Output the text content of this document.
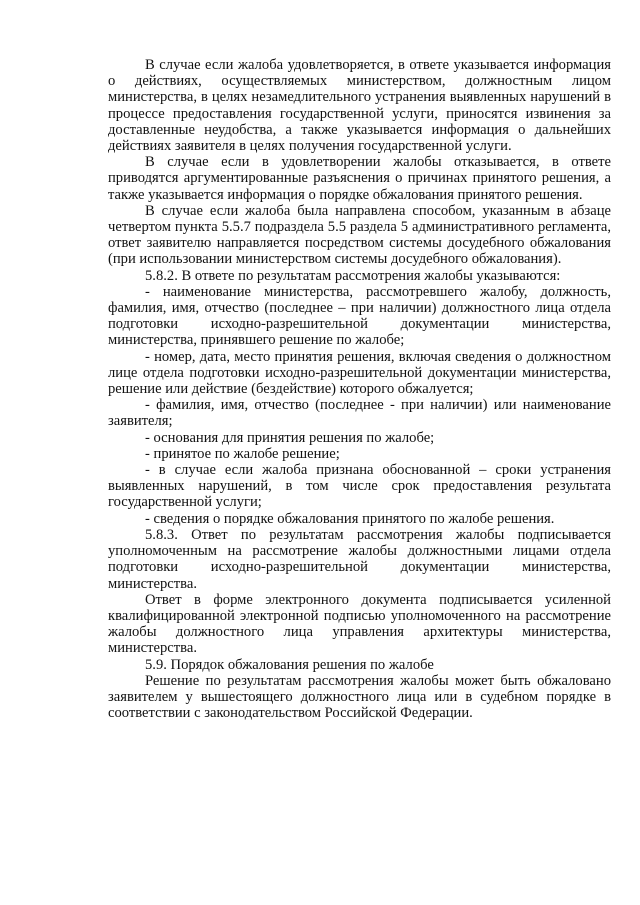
В случае если жалоба удовлетворяется, в ответе указывается информация о действиях, осуществляемых министерством, должностным лицом министерства, в целях незамедлительного устранения выявленных нарушений в процессе предоставления государственной услуги, приносятся извинения за доставленные неудобства, а также указывается информация о дальнейших действиях заявителя в целях получения государственной услуги.

В случае если в удовлетворении жалобы отказывается, в ответе приводятся аргументированные разъяснения о причинах принятого решения, а также указывается информация о порядке обжалования принятого решения.

В случае если жалоба была направлена способом, указанным в абзаце четвертом пункта 5.5.7 подраздела 5.5 раздела 5 административного регламента, ответ заявителю направляется посредством системы досудебного обжалования (при использовании министерством системы досудебного обжалования).

5.8.2. В ответе по результатам рассмотрения жалобы указываются:

- наименование министерства, рассмотревшего жалобу, должность, фамилия, имя, отчество (последнее – при наличии) должностного лица отдела подготовки исходно-разрешительной документации министерства, министерства, принявшего решение по жалобе;

- номер, дата, место принятия решения, включая сведения о должностном лице отдела подготовки исходно-разрешительной документации министерства, решение или действие (бездействие) которого обжалуется;

- фамилия, имя, отчество (последнее - при наличии) или наименование заявителя;

- основания для принятия решения по жалобе;

- принятое по жалобе решение;

- в случае если жалоба признана обоснованной – сроки устранения выявленных нарушений, в том числе срок предоставления результата государственной услуги;

- сведения о порядке обжалования принятого по жалобе решения.

5.8.3. Ответ по результатам рассмотрения жалобы подписывается уполномоченным на рассмотрение жалобы должностными лицами отдела подготовки исходно-разрешительной документации министерства, министерства.

Ответ в форме электронного документа подписывается усиленной квалифицированной электронной подписью уполномоченного на рассмотрение жалобы должностного лица управления архитектуры министерства, министерства.

5.9. Порядок обжалования решения по жалобе

Решение по результатам рассмотрения жалобы может быть обжаловано заявителем у вышестоящего должностного лица или в судебном порядке в соответствии с законодательством Российской Федерации.
